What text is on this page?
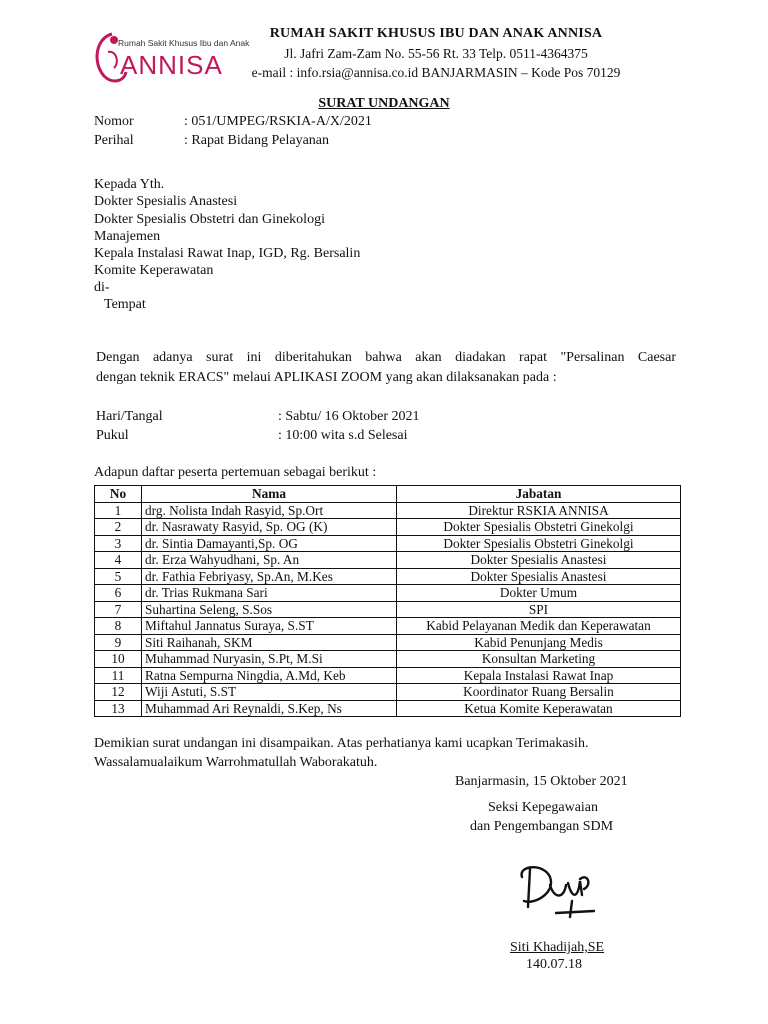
Rumah Sakit Khusus Ibu dan Anak
ANNISA
RUMAH SAKIT KHUSUS IBU DAN ANAK ANNISA
Jl. Jafri Zam-Zam No. 55-56 Rt. 33 Telp. 0511-4364375
e-mail : info.rsia@annisa.co.id BANJARMASIN – Kode Pos 70129
SURAT UNDANGAN
Nomor	: 051/UMPEG/RSKIA-A/X/2021
Perihal	: Rapat Bidang Pelayanan
Kepada Yth.
Dokter Spesialis Anastesi
Dokter Spesialis Obstetri dan Ginekologi
Manajemen
Kepala Instalasi Rawat Inap, IGD, Rg. Bersalin
Komite Keperawatan
di-
Tempat
Dengan adanya surat ini diberitahukan bahwa akan diadakan rapat "Persalinan Caesar
dengan teknik ERACS" melaui APLIKASI ZOOM yang akan dilaksanakan pada :
Hari/Tangal	: Sabtu/ 16 Oktober 2021
Pukul	: 10:00 wita s.d Selesai
Adapun daftar peserta pertemuan sebagai berikut :
No	Nama	Jabatan
1	drg. Nolista Indah Rasyid, Sp.Ort	Direktur RSKIA ANNISA
2	dr. Nasrawaty Rasyid, Sp. OG (K)	Dokter Spesialis Obstetri Ginekolgi
3	dr. Sintia Damayanti,Sp. OG	Dokter Spesialis Obstetri Ginekolgi
4	dr. Erza Wahyudhani, Sp. An	Dokter Spesialis Anastesi
5	dr. Fathia Febriyasy, Sp.An, M.Kes	Dokter Spesialis Anastesi
6	dr. Trias Rukmana Sari	Dokter Umum
7	Suhartina Seleng, S.Sos	SPI
8	Miftahul Jannatus Suraya, S.ST	Kabid Pelayanan Medik dan Keperawatan
9	Siti Raihanah, SKM	Kabid Penunjang Medis
10	Muhammad Nuryasin, S.Pt, M.Si	Konsultan Marketing
11	Ratna Sempurna Ningdia, A.Md, Keb	Kepala Instalasi Rawat Inap
12	Wiji Astuti, S.ST	Koordinator Ruang Bersalin
13	Muhammad Ari Reynaldi, S.Kep, Ns	Ketua Komite Keperawatan
Demikian surat undangan ini disampaikan. Atas perhatianya kami ucapkan Terimakasih.
Wassalamualaikum Warrohmatullah Waborakatuh.
Banjarmasin, 15 Oktober 2021
Seksi Kepegawaian
dan Pengembangan SDM
Siti Khadijah,SE
140.07.18
